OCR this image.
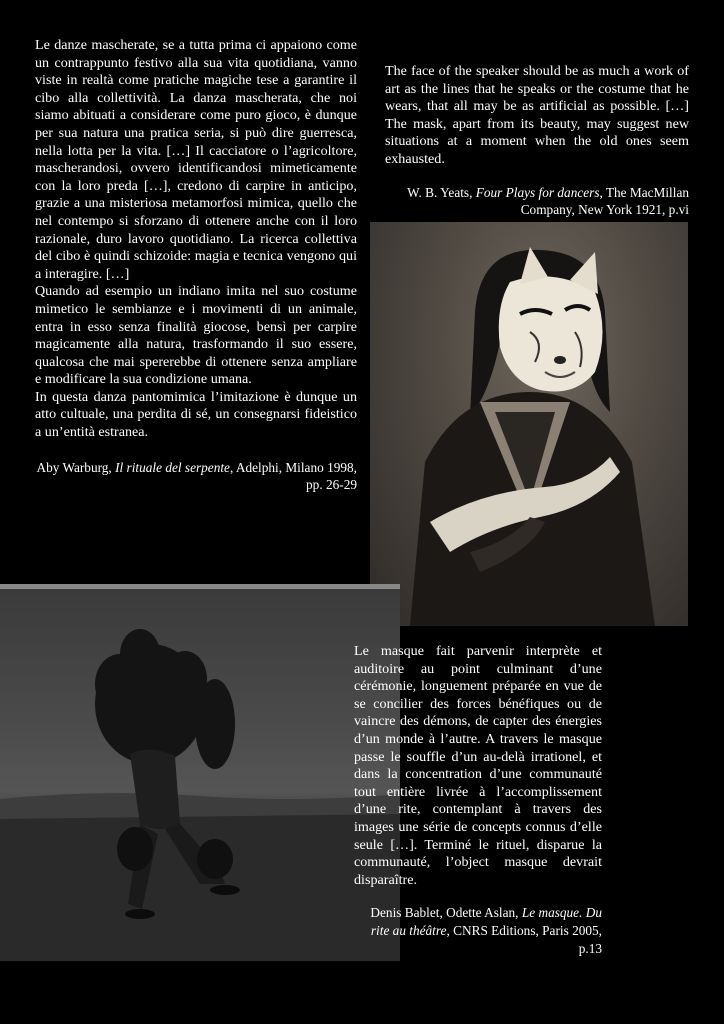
Le danze mascherate, se a tutta prima ci appaiono come un contrappunto festivo alla sua vita quotidiana, vanno viste in realtà come pratiche magiche tese a garantire il cibo alla collettività. La danza mascherata, che noi siamo abituati a considerare come puro gioco, è dunque per sua natura una pratica seria, si può dire guerresca, nella lotta per la vita. […] Il cacciatore o l’agricoltore, mascherandosi, ovvero identificandosi mimeticamente con la loro preda […], credono di carpire in anticipo, grazie a una misteriosa metamorfosi mimica, quello che nel contempo si sforzano di ottenere anche con il loro razionale, duro lavoro quotidiano. La ricerca collettiva del cibo è quindi schizoide: magia e tecnica vengono qui a interagire. […]

Quando ad esempio un indiano imita nel suo costume mimetico le sembianze e i movimenti di un animale, entra in esso senza finalità giocose, bensì per carpire magicamente alla natura, trasformando il suo essere, qualcosa che mai spererebbe di ottenere senza ampliare e modificare la sua condizione umana.

In questa danza pantomimica l’imitazione è dunque un atto cultuale, una perdita di sé, un consegnarsi fideistico a un’entità estranea.

Aby Warburg, Il rituale del serpente, Adelphi, Milano 1998, pp. 26-29

The face of the speaker should be as much a work of art as the lines that he speaks or the costume that he wears, that all may be as artificial as possible. […] The mask, apart from its beauty, may suggest new situations at a moment when the old ones seem exhausted.

W. B. Yeats, Four Plays for dancers, The MacMillan Company, New York 1921, p.vi

Le masque fait parvenir interprète et auditoire au point culminant d’une cérémonie, longuement préparée en vue de se concilier des forces bénéfiques ou de vaincre des démons, de capter des énergies d’un monde à l’autre. A travers le masque passe le souffle d’un au-delà irrationel, et dans la concentration d’une communauté tout entière livrée à l’accomplissement d’une rite, contemplant à travers des images une série de concepts connus d’elle seule […]. Terminé le rituel, disparue la communauté, l’object masque devrait disparaître.

Denis Bablet, Odette Aslan, Le masque. Du rite au théâtre, CNRS Editions, Paris 2005, p.13
